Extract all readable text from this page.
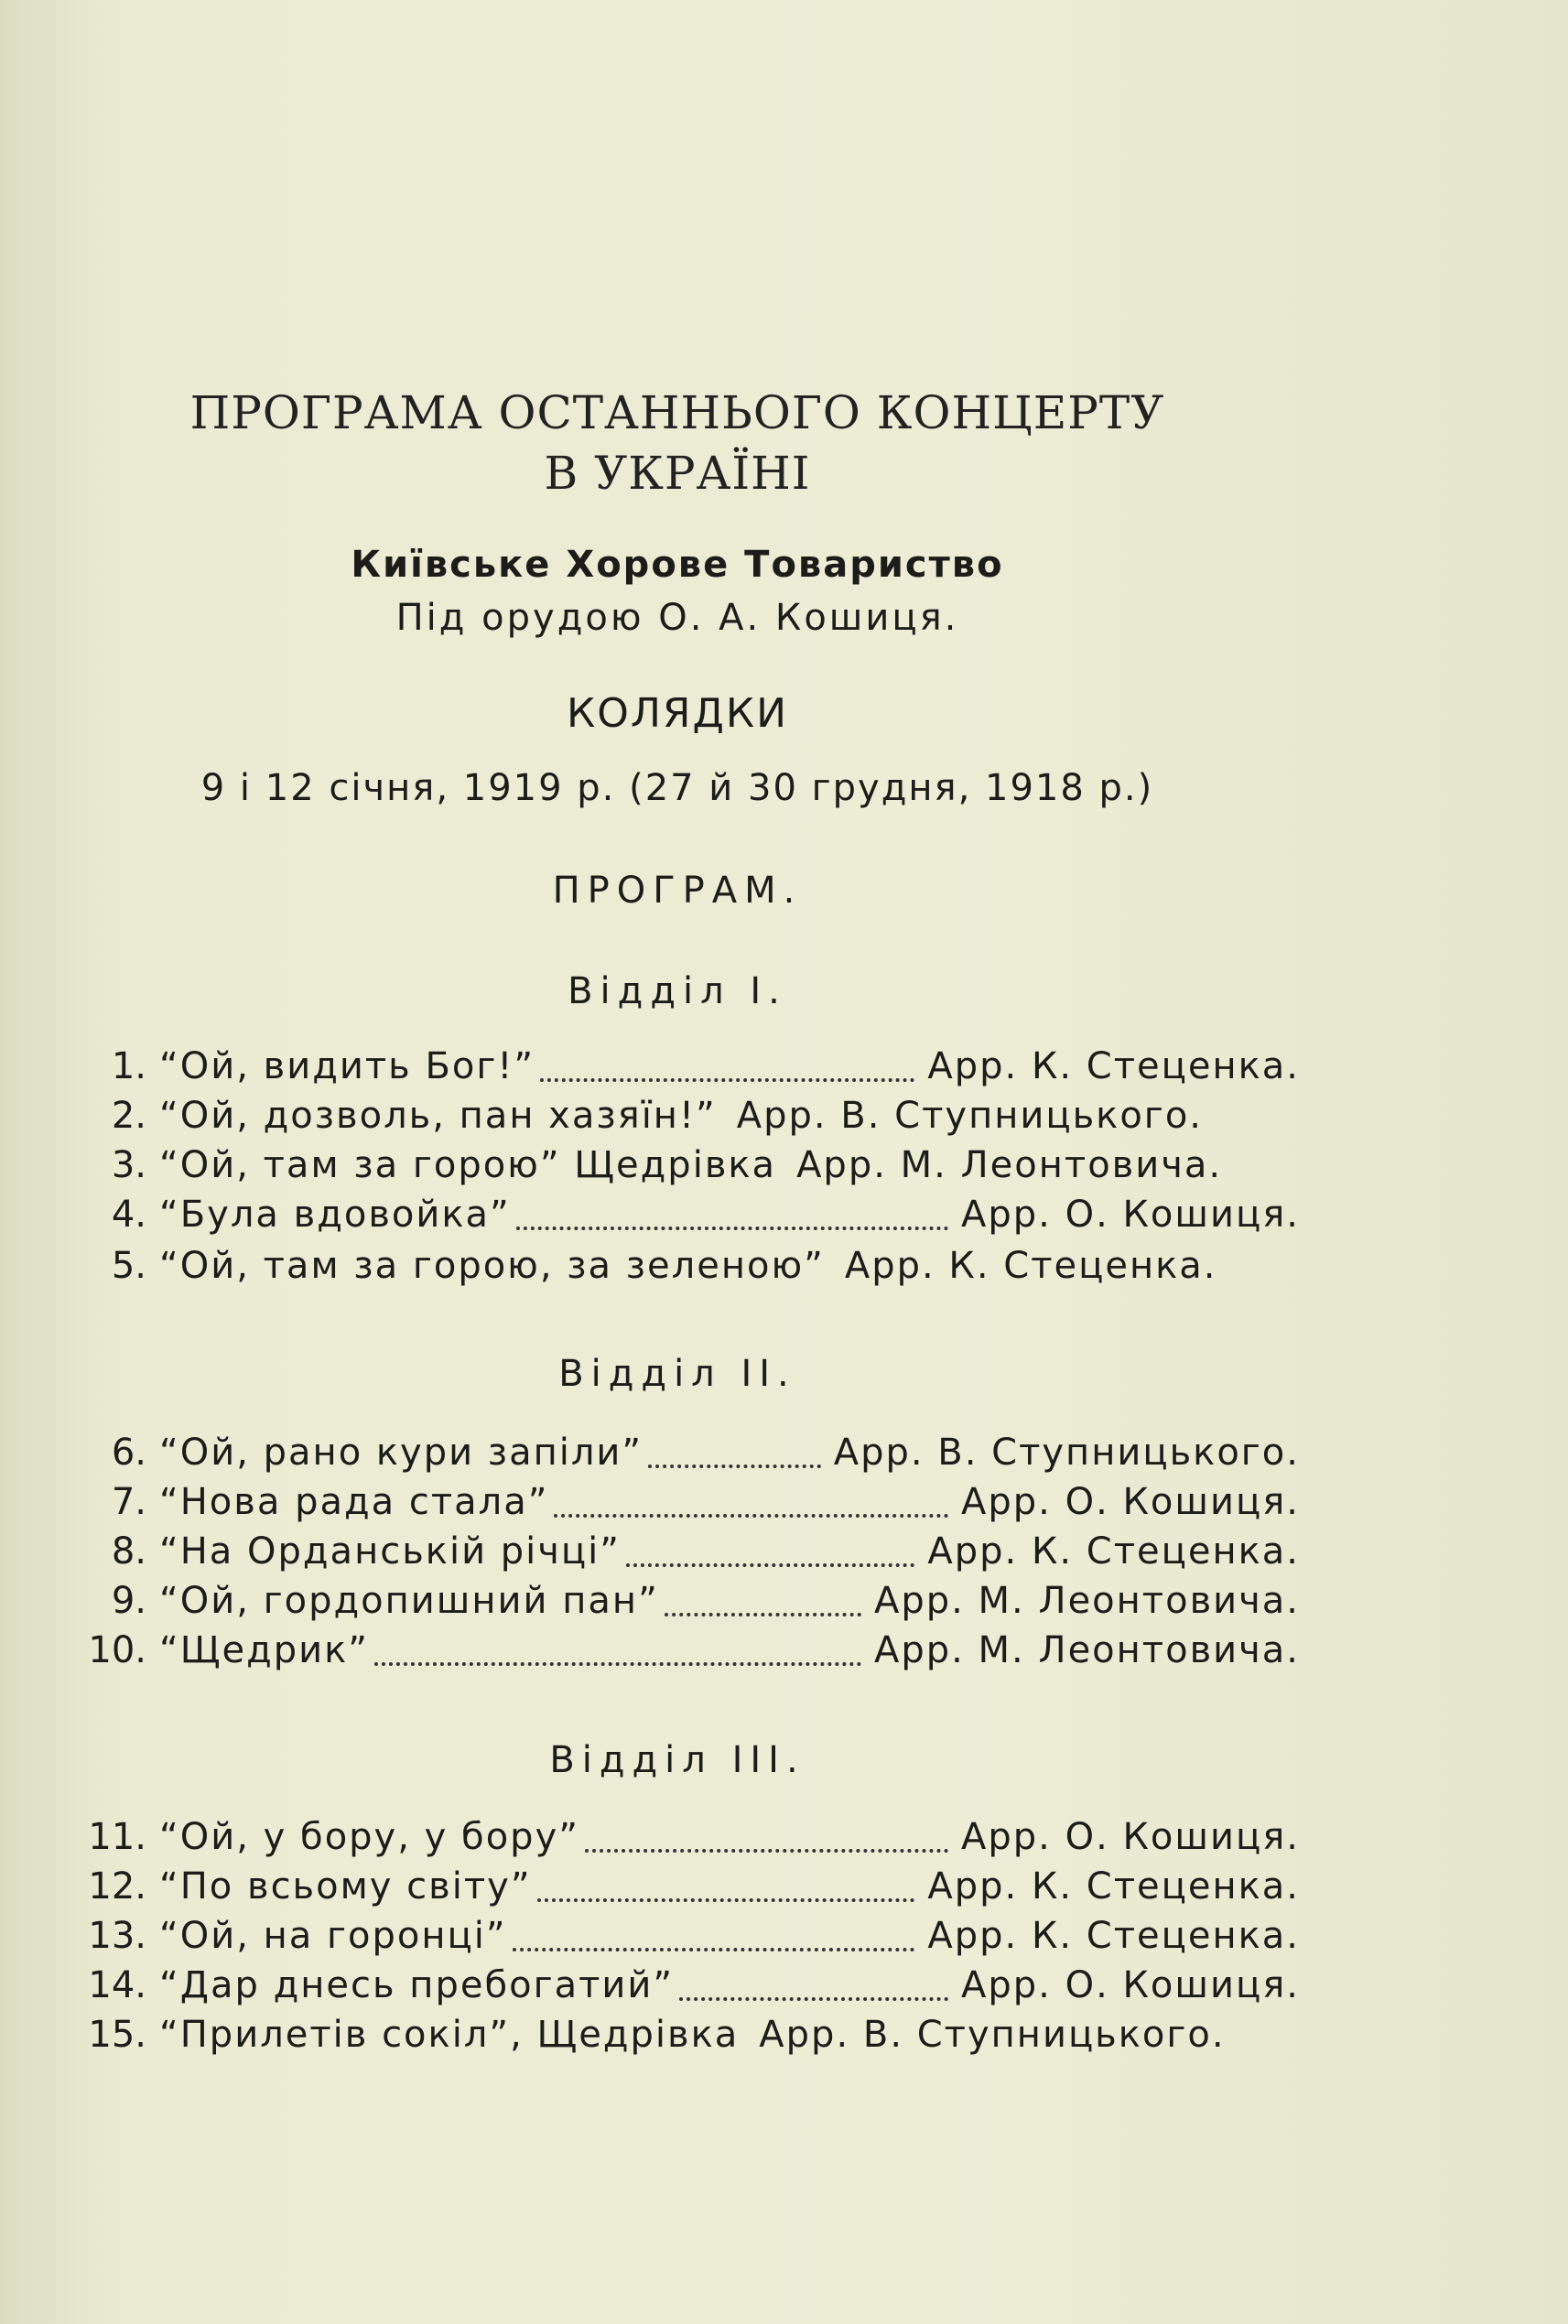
ПРОГРАМА ОСТАННЬОГО КОНЦЕРТУ
В УКРАЇНІ
Київське Хорове Товариство
Під орудою О. А. Кошиця.
КОЛЯДКИ
9 і 12 січня, 1919 р. (27 й 30 грудня, 1918 р.)
ПРОГРАМ.
Відділ I.
Відділ II.
Відділ III.
1. “Ой, видить Бог!”	Арр. К. Стеценка.
2. “Ой, дозволь, пан хазяїн!” Арр. В. Ступницького.
3. “Ой, там за горою” Щедрівка Арр. М. Леонтовича.
4. “Була вдовойка”	Арр. О. Кошиця.
5. “Ой, там за горою, за зеленою” Арр. К. Стеценка.
6. “Ой, рано кури запіли”	Арр. В. Ступницького.
7. “Нова рада стала”	Арр. О. Кошиця.
8. “На Орданській річці”	Арр. К. Стеценка.
9. “Ой, гордопишний пан”	Арр. М. Леонтовича.
10. “Щедрик”	Арр. М. Леонтовича.
11. “Ой, у бору, у бору”	Арр. О. Кошиця.
12. “По всьому світу”	Арр. К. Стеценка.
13. “Ой, на горонці”	Арр. К. Стеценка.
14. “Дар днесь пребогатий”	Арр. О. Кошиця.
15. “Прилетів сокіл”, Щедрівка Арр. В. Ступницького.
